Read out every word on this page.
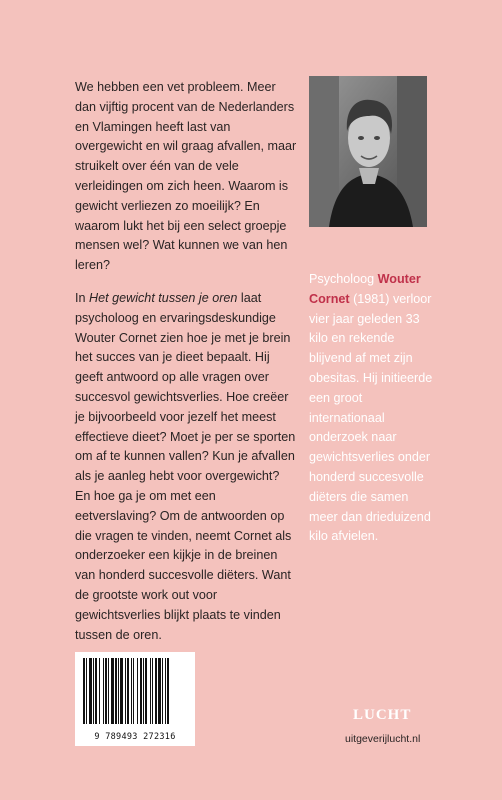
We hebben een vet probleem. Meer dan vijftig procent van de Nederlanders en Vlamingen heeft last van overgewicht en wil graag afvallen, maar struikelt over één van de vele verleidingen om zich heen. Waarom is gewicht verliezen zo moeilijk? En waarom lukt het bij een select groepje mensen wel? Wat kunnen we van hen leren?

In Het gewicht tussen je oren laat psycholoog en ervaringsdeskundige Wouter Cornet zien hoe je met je brein het succes van je dieet bepaalt. Hij geeft antwoord op alle vragen over succesvol gewichtsverlies. Hoe creëer je bijvoorbeeld voor jezelf het meest effectieve dieet? Moet je per se sporten om af te kunnen vallen? Kun je afvallen als je aanleg hebt voor overgewicht? En hoe ga je om met een eetverslaving? Om de antwoorden op die vragen te vinden, neemt Cornet als onderzoeker een kijkje in de breinen van honderd succesvolle diëters. Want de grootste work out voor gewichtsverlies blijkt plaats te vinden tussen de oren.

Psycholoog Wouter Cornet (1981) verloor vier jaar geleden 33 kilo en rekende blijvend af met zijn obesitas. Hij initieerde een groot internationaal onderzoek naar gewichtsverlies onder honderd succesvolle diëters die samen meer dan drieduizend kilo afvielen.
9 789493 272316
LUCHT
uitgeverijlucht.nl
